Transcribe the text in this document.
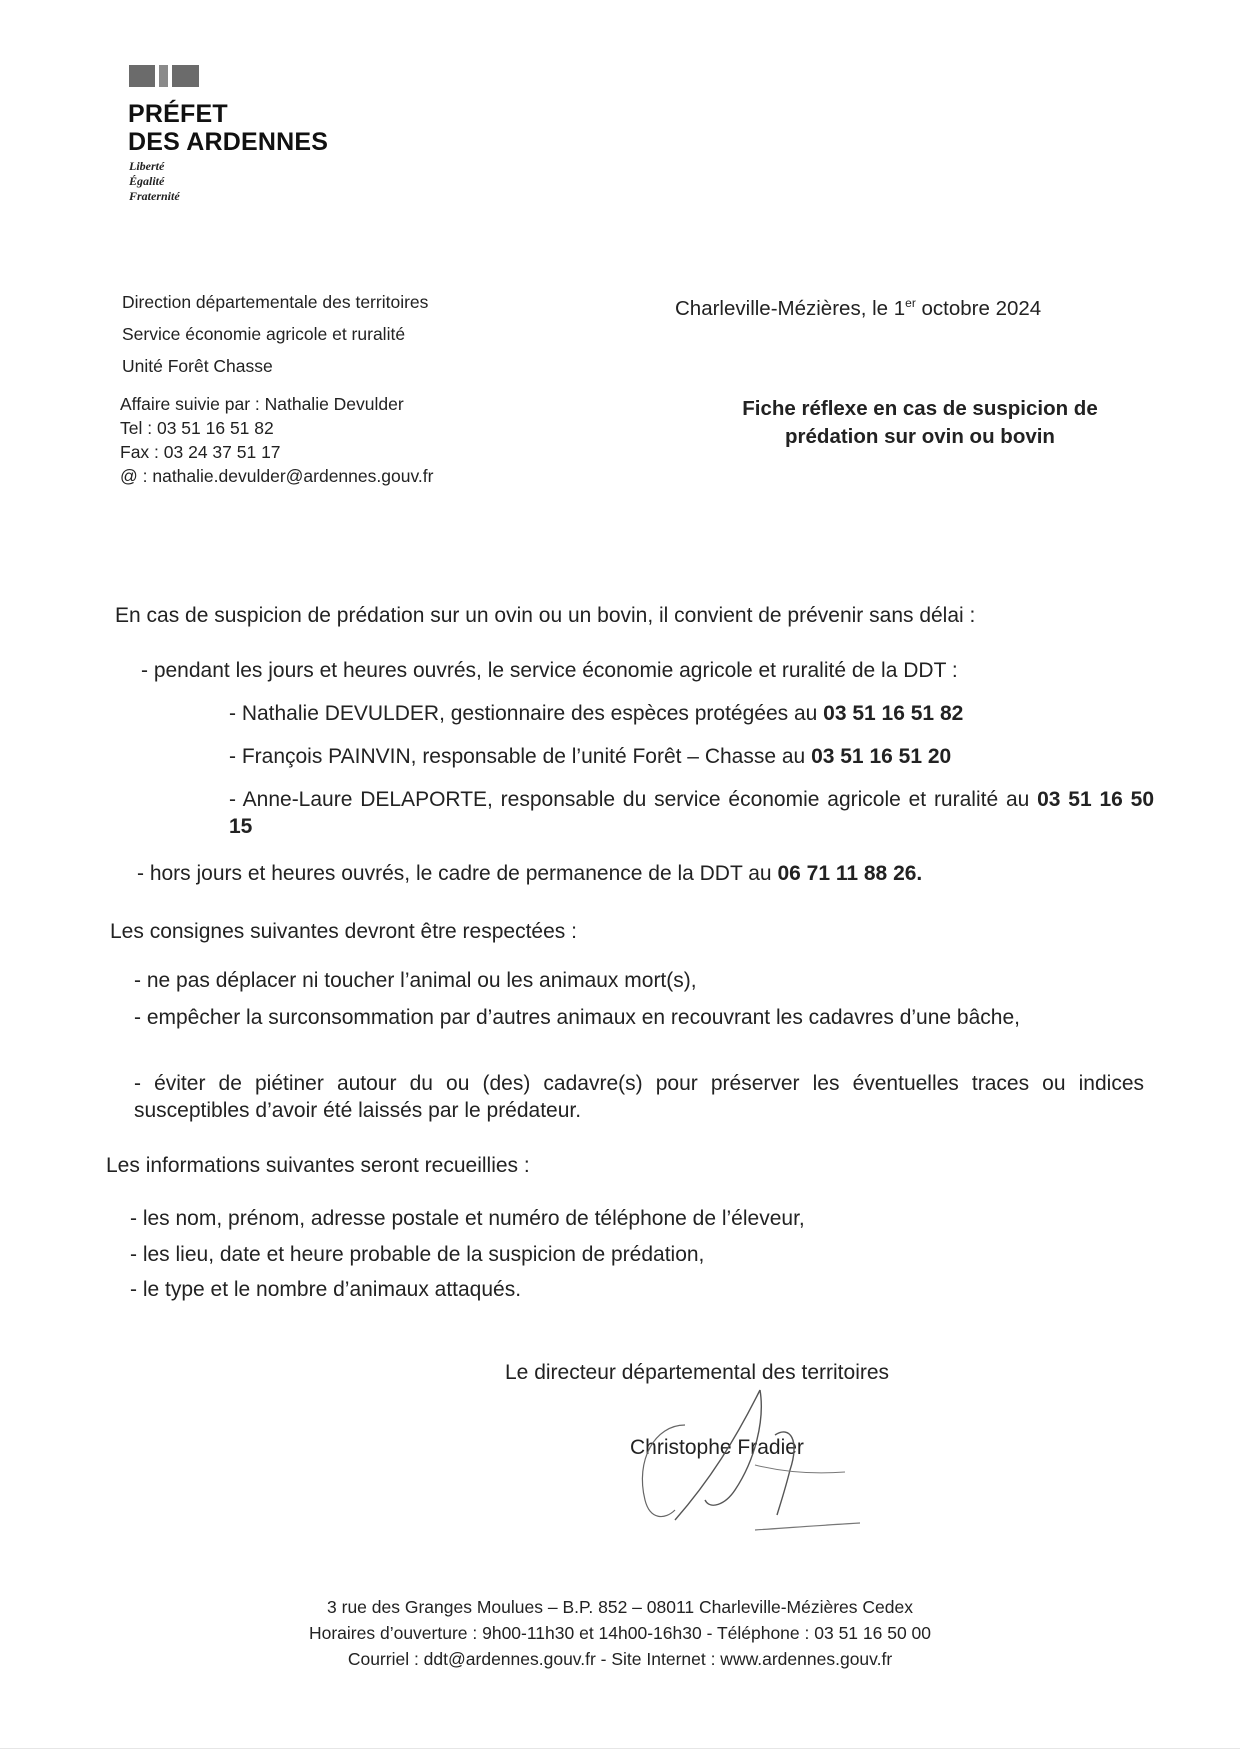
PRÉFET
DES ARDENNES
Liberté
Égalité
Fraternité
Direction départementale des territoires
Service économie agricole et ruralité
Unité Forêt Chasse
Affaire suivie par : Nathalie Devulder
Tel : 03 51 16 51 82
Fax : 03 24 37 51 17
@ : nathalie.devulder@ardennes.gouv.fr
Charleville-Mézières, le 1er octobre 2024
Fiche réflexe en cas de suspicion de
prédation sur ovin ou bovin
En cas de suspicion de prédation sur un ovin ou un bovin, il convient de prévenir sans délai :
- pendant les jours et heures ouvrés, le service économie agricole et ruralité de la DDT :
- Nathalie DEVULDER, gestionnaire des espèces protégées au 03 51 16 51 82
- François PAINVIN, responsable de l’unité Forêt – Chasse au 03 51 16 51 20
- Anne-Laure DELAPORTE, responsable du service économie agricole et ruralité au 03 51 16 50 15
- hors jours et heures ouvrés, le cadre de permanence de la DDT au 06 71 11 88 26.
Les consignes suivantes devront être respectées :
- ne pas déplacer ni toucher l’animal ou les animaux mort(s),
- empêcher la surconsommation par d’autres animaux en recouvrant les cadavres d’une bâche,
- éviter de piétiner autour du ou (des) cadavre(s) pour préserver les éventuelles traces ou indices susceptibles d’avoir été laissés par le prédateur.
Les informations suivantes seront recueillies :
- les nom, prénom, adresse postale et numéro de téléphone de l’éleveur,
- les lieu, date et heure probable de la suspicion de prédation,
- le type et le nombre d’animaux attaqués.
Le directeur départemental des territoires
Christophe Fradier
3 rue des Granges Moulues – B.P. 852 – 08011 Charleville-Mézières Cedex
Horaires d’ouverture : 9h00-11h30 et 14h00-16h30 - Téléphone : 03 51 16 50 00
Courriel : ddt@ardennes.gouv.fr - Site Internet : www.ardennes.gouv.fr
